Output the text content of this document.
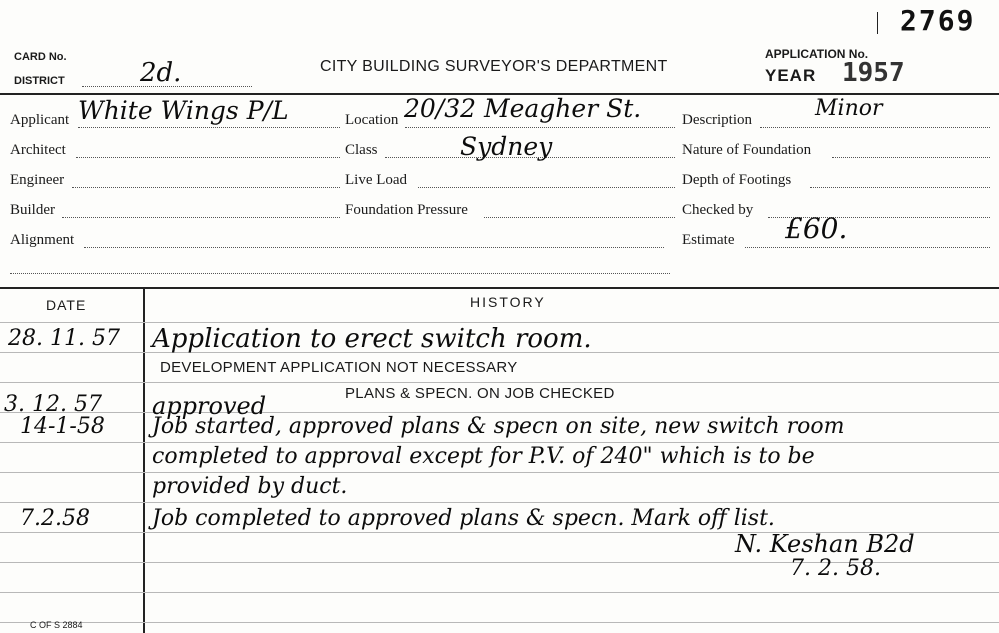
CARD No.
DISTRICT	2d.	CITY BUILDING SURVEYOR'S DEPARTMENT
APPLICATION No.
YEAR 1957
2769
Applicant White Wings P/L
Architect
Engineer
Builder
Alignment
Location 20/32 Meagher St.
Class	Sydney
Live Load
Foundation Pressure
Description	Minor
Nature of Foundation
Depth of Footings
Checked by
Estimate £60.
DATE	HISTORY
28. 11. 57 Application to erect switch room.
DEVELOPMENT APPLICATION NOT NECESSARY
PLANS & SPECN. ON JOB CHECKED
3. 12. 57 approved
14-1-58 Job started, approved plans & specn on site, new switch room
completed to approval except for P.V. of 240" which is to be
provided by duct.
7.2.58	Job completed to approved plans & specn. Mark off list.
N. Keshan B2d
7. 2. 58.
C OF S 2884
